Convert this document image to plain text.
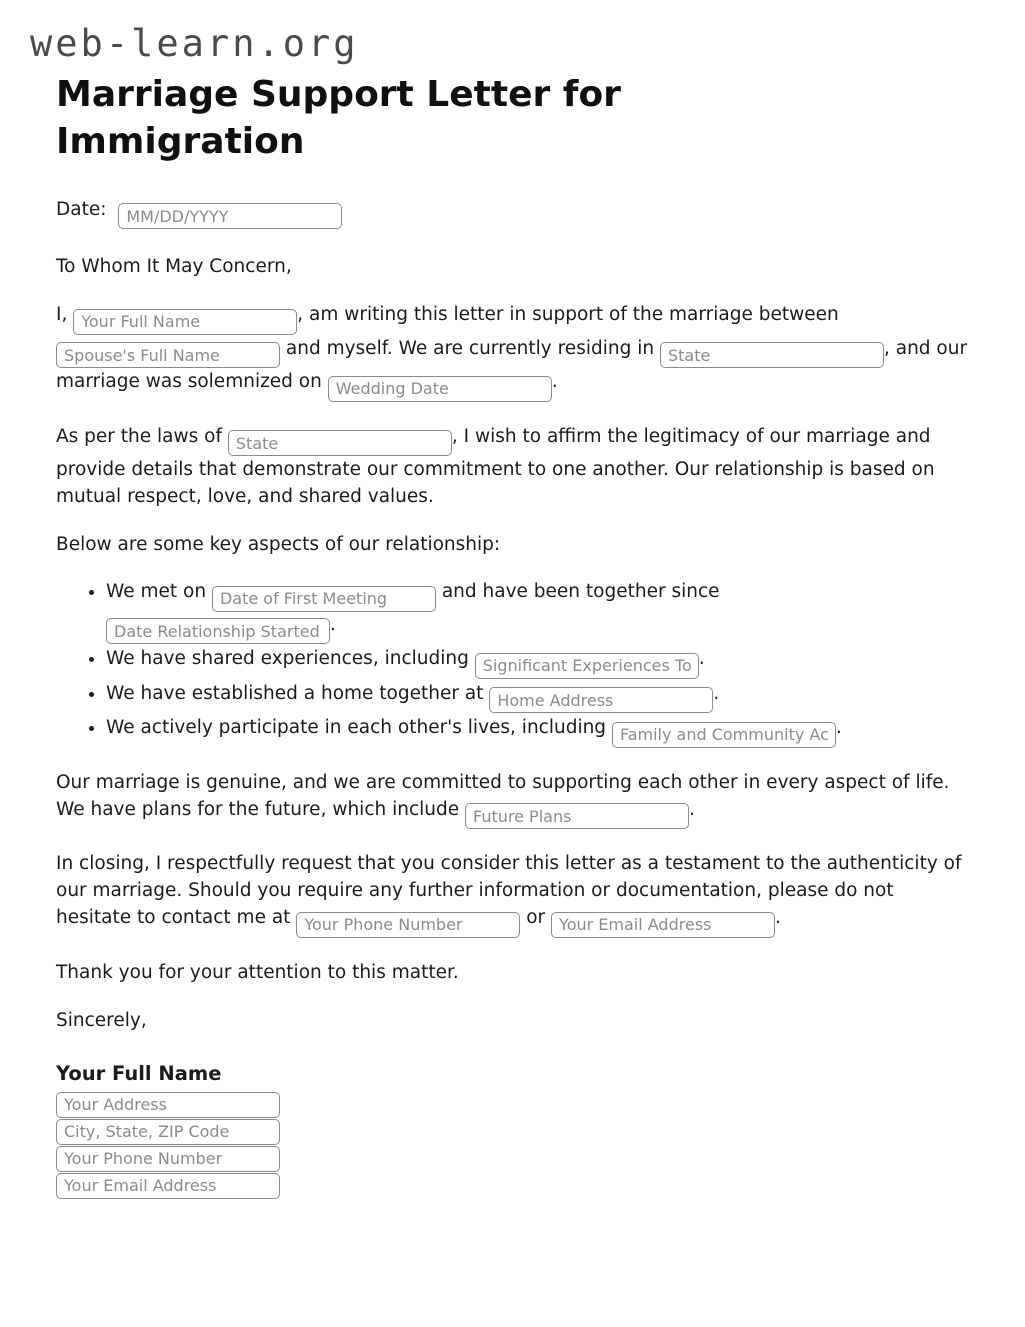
web-learn.org
Marriage Support Letter for Immigration
Date: MM/DD/YYYY

To Whom It May Concern,

I, Your Full Name	, am writing this letter in support of the marriage between Spouse's Full Name and myself. We are currently residing in State	, and our marriage was solemnized on Wedding Date	.

As per the laws of State	, I wish to affirm the legitimacy of our marriage and provide details that demonstrate our commitment to one another. Our relationship is based on mutual respect, love, and shared values.

Below are some key aspects of our relationship:

• We met on Date of First Meeting	and have been together since Date Relationship Started.
• We have shared experiences, including Significant Experiences Together	.
• We have established a home together at Home Address	.
• We actively participate in each other's lives, including Family and Community Activities	.

Our marriage is genuine, and we are committed to supporting each other in every aspect of life. We have plans for the future, which include Future Plans	.

In closing, I respectfully request that you consider this letter as a testament to the authenticity of our marriage. Should you require any further information or documentation, please do not hesitate to contact me at Your Phone Number	or Your Email Address	.

Thank you for your attention to this matter.

Sincerely,

Your Full Name
Your Address
City, State, ZIP Code
Your Phone Number
Your Email Address
